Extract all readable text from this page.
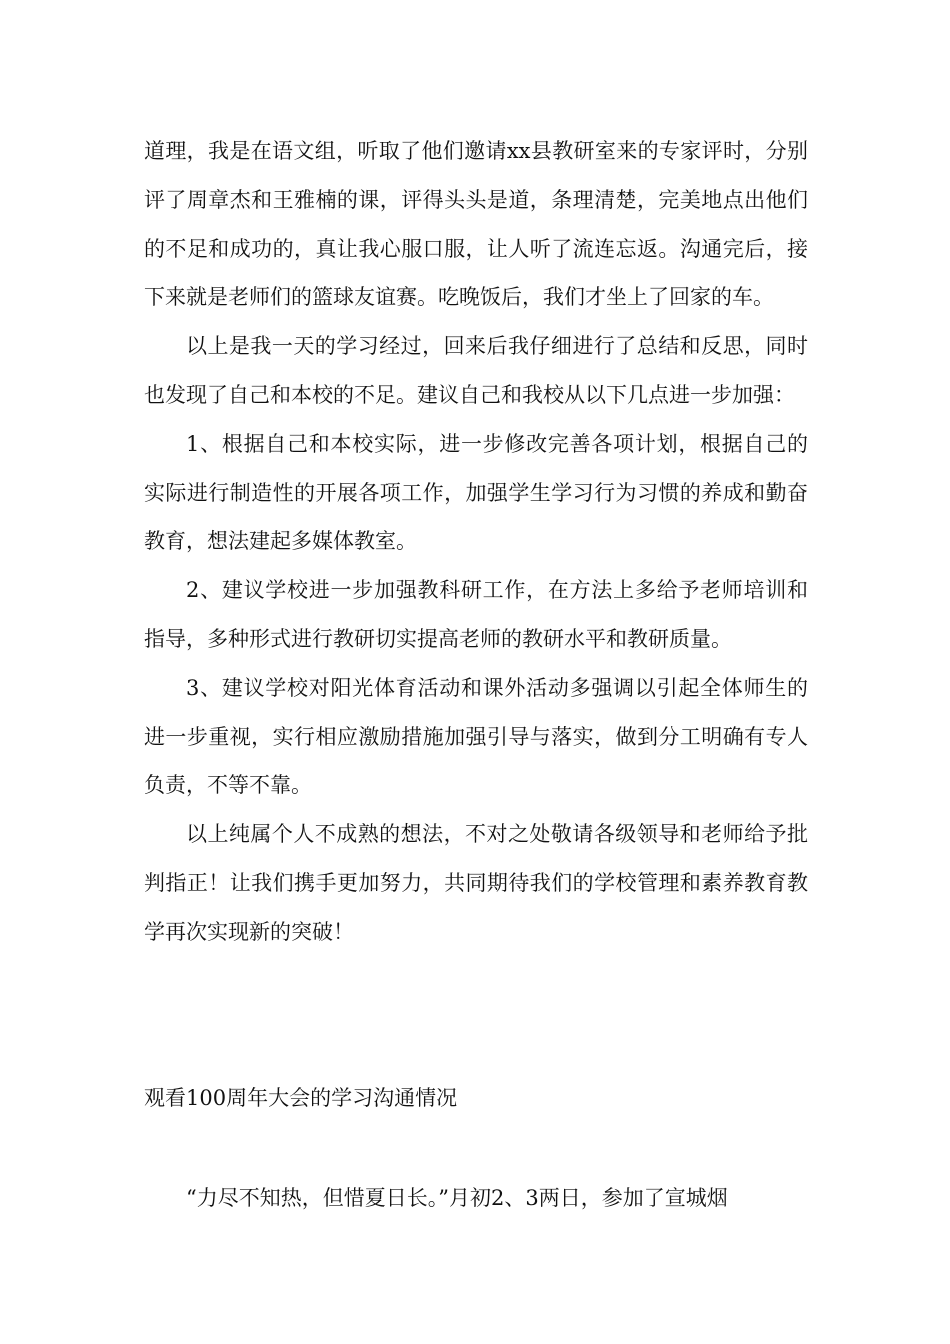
道理，我是在语文组，听取了他们邀请xx县教研室来的专家评时，分别评了周章杰和王雅楠的课，评得头头是道，条理清楚，完美地点出他们的不足和成功的，真让我心服口服，让人听了流连忘返。沟通完后，接下来就是老师们的篮球友谊赛。吃晚饭后，我们才坐上了回家的车。

以上是我一天的学习经过，回来后我仔细进行了总结和反思，同时也发现了自己和本校的不足。建议自己和我校从以下几点进一步加强：

1、根据自己和本校实际，进一步修改完善各项计划，根据自己的实际进行制造性的开展各项工作，加强学生学习行为习惯的养成和勤奋教育，想法建起多媒体教室。

2、建议学校进一步加强教科研工作，在方法上多给予老师培训和指导，多种形式进行教研切实提高老师的教研水平和教研质量。

3、建议学校对阳光体育活动和课外活动多强调以引起全体师生的进一步重视，实行相应激励措施加强引导与落实，做到分工明确有专人负责，不等不靠。

以上纯属个人不成熟的想法，不对之处敬请各级领导和老师给予批判指正！让我们携手更加努力，共同期待我们的学校管理和素养教育教学再次实现新的突破！

观看100周年大会的学习沟通情况

“力尽不知热，但惜夏日长。”月初2、3两日，参加了宣城烟
